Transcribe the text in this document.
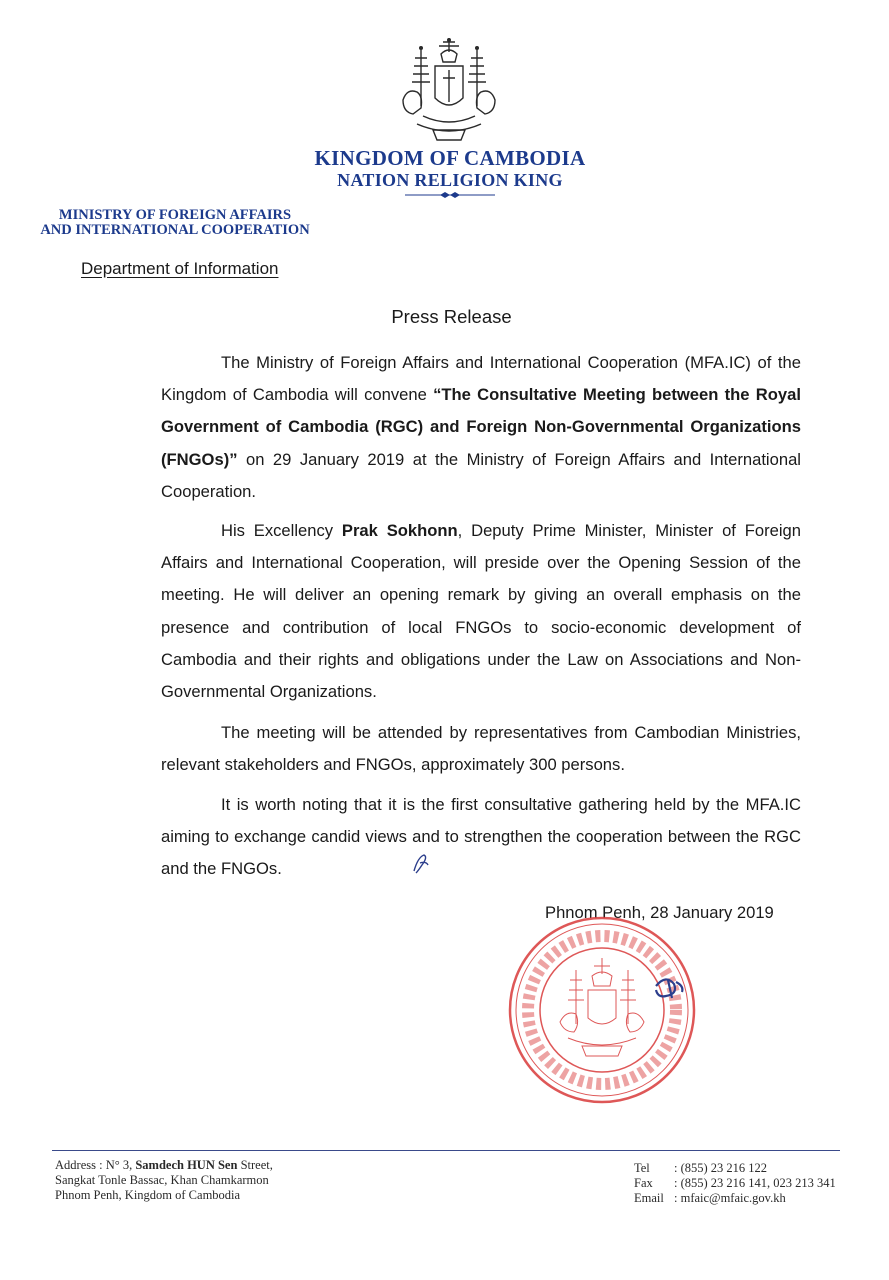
KINGDOM OF CAMBODIA
NATION RELIGION KING
MINISTRY OF FOREIGN AFFAIRS
AND INTERNATIONAL COOPERATION
Department of Information
Press Release

The Ministry of Foreign Affairs and International Cooperation (MFA.IC) of the Kingdom of Cambodia will convene “The Consultative Meeting between the Royal Government of Cambodia (RGC) and Foreign Non-Governmental Organizations (FNGOs)” on 29 January 2019 at the Ministry of Foreign Affairs and International Cooperation.

His Excellency Prak Sokhonn, Deputy Prime Minister, Minister of Foreign Affairs and International Cooperation, will preside over the Opening Session of the meeting. He will deliver an opening remark by giving an overall emphasis on the presence and contribution of local FNGOs to socio-economic development of Cambodia and their rights and obligations under the Law on Associations and Non-Governmental Organizations.

The meeting will be attended by representatives from Cambodian Ministries, relevant stakeholders and FNGOs, approximately 300 persons.

It is worth noting that it is the first consultative gathering held by the MFA.IC aiming to exchange candid views and to strengthen the cooperation between the RGC and the FNGOs.

Phnom Penh, 28 January 2019
Address : N° 3, Samdech HUN Sen Street,
Sangkat Tonle Bassac, Khan Chamkarmon
Phnom Penh, Kingdom of Cambodia
Tel	: (855) 23 216 122
Fax	: (855) 23 216 141, 023 213 341
Email : mfaic@mfaic.gov.kh
